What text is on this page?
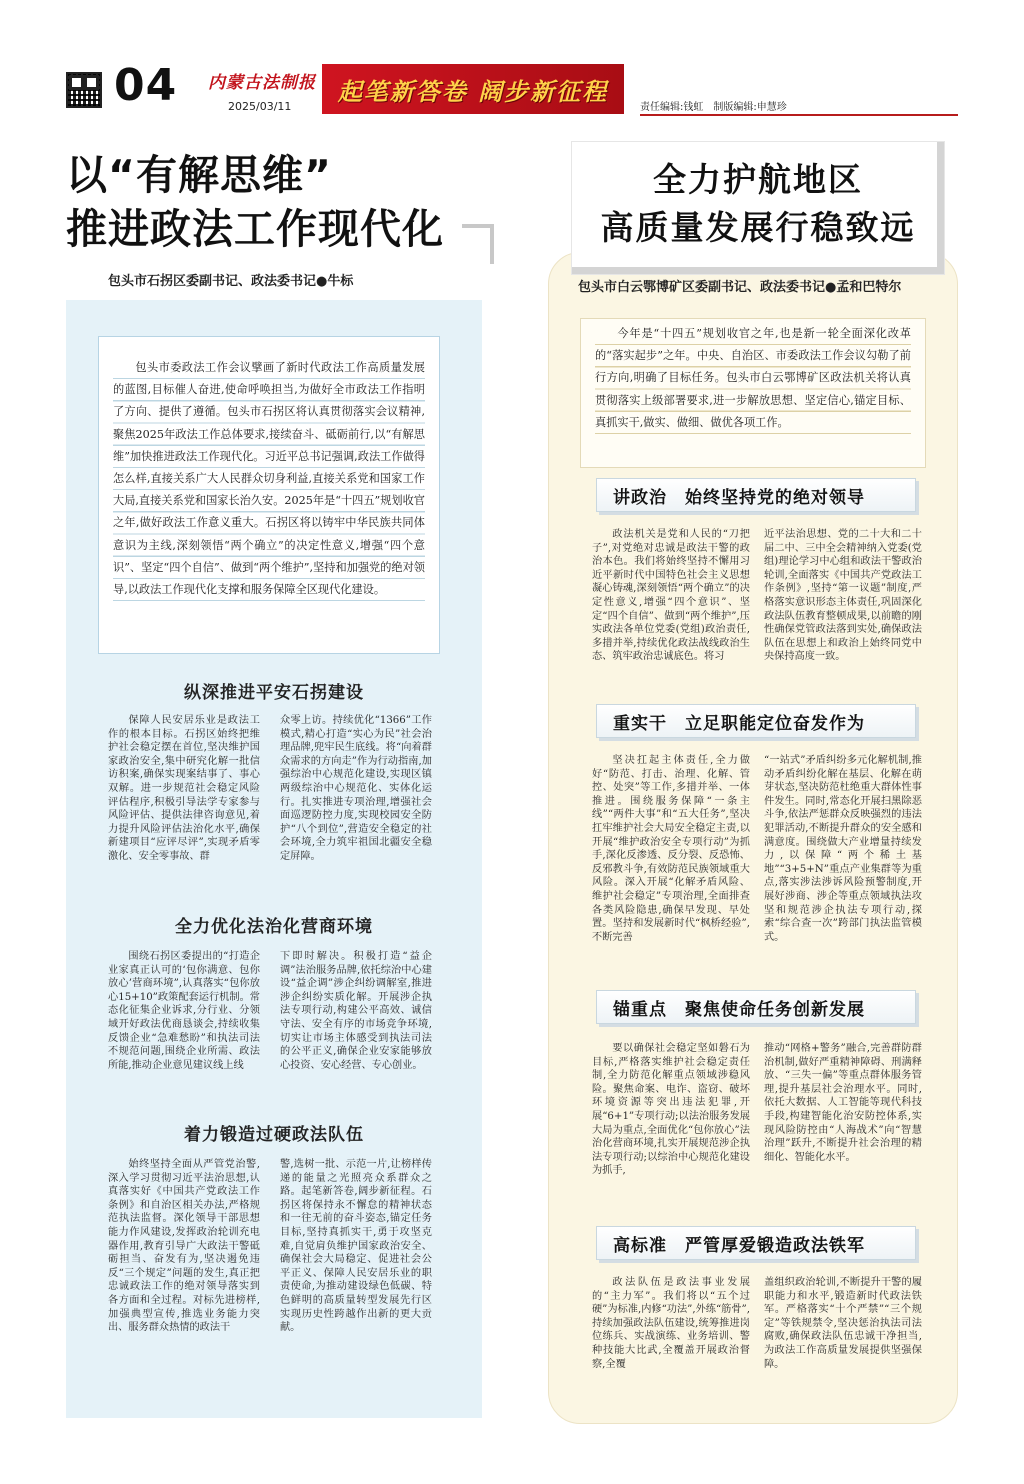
04 内蒙古法制报
2025/03/11
起笔新答卷 阔步新征程
责任编辑:钱虹　制版编辑:申慧珍
以“有解思维”
推进政法工作现代化
包头市石拐区委副书记、政法委书记●牛标

包头市委政法工作会议擘画了新时代政法工作高质量发展的蓝图,目标催人奋进,使命呼唤担当,为做好全市政法工作指明了方向、提供了遵循。包头市石拐区将认真贯彻落实会议精神,聚焦2025年政法工作总体要求,接续奋斗、砥砺前行,以“有解思维”加快推进政法工作现代化。习近平总书记强调,政法工作做得怎么样,直接关系广大人民群众切身利益,直接关系党和国家工作大局,直接关系党和国家长治久安。2025年是“十四五”规划收官之年,做好政法工作意义重大。石拐区将以铸牢中华民族共同体意识为主线,深刻领悟“两个确立”的决定性意义,增强“四个意识”、坚定“四个自信”、做到“两个维护”,坚持和加强党的绝对领导,以政法工作现代化支撑和服务保障全区现代化建设。

纵深推进平安石拐建设

保障人民安居乐业是政法工作的根本目标。石拐区始终把维护社会稳定摆在首位,坚决维护国家政治安全,集中研究化解一批信访积案,确保实现案结事了、事心双解。进一步规范社会稳定风险评估程序,积极引导法学专家参与风险评估、提供法律咨询意见,着力提升风险评估法治化水平,确保新建项目“应评尽评”,实现矛盾零激化、安全零事故、群

众零上访。持续优化“1366”工作模式,精心打造“实心为民”社会治理品牌,兜牢民生底线。将“向着群众需求的方向走”作为行动指南,加强综治中心规范化建设,实现区镇两级综治中心规范化、实体化运行。扎实推进专项治理,增强社会面巡逻防控力度,实现校园安全防护“八个到位”,营造安全稳定的社会环境,全力筑牢祖国北疆安全稳定屏障。

全力优化法治化营商环境

围绕石拐区委提出的“打造企业家真正认可的‘包你满意、包你放心’营商环境”,认真落实“包你放心15+10”政策配套运行机制。常态化征集企业诉求,分行业、分领域开好政法优商恳谈会,持续收集反馈企业“急难愁盼”和执法司法不规范问题,围绕企业所需、政法所能,推动企业意见建议线上线

下即时解决。积极打造“益企调”法治服务品牌,依托综治中心建设“益企调”涉企纠纷调解室,推进涉企纠纷实质化解。开展涉企执法专项行动,构建公平高效、诚信守法、安全有序的市场竞争环境,切实让市场主体感受到执法司法的公平正义,确保企业安家能够放心投资、安心经营、专心创业。

着力锻造过硬政法队伍

始终坚持全面从严管党治警,深入学习贯彻习近平法治思想,认真落实好《中国共产党政法工作条例》和自治区相关办法,严格规范执法监督。深化领导干部思想能力作风建设,发挥政治轮训充电器作用,教育引导广大政法干警砥砺担当、奋发有为,坚决遏免违反“三个规定”问题的发生,真正把忠诚政法工作的绝对领导落实到各方面和全过程。对标先进榜样,加强典型宣传,推选业务能力突出、服务群众热情的政法干

警,选树一批、示范一片,让榜样传递的能量之光照亮众系群众之路。起笔新答卷,阔步新征程。石拐区将保持永不懈怠的精神状态和一往无前的奋斗姿态,锚定任务目标,坚持真抓实干,勇于攻坚克难,自觉肩负维护国家政治安全、确保社会大局稳定、促进社会公平正义、保障人民安居乐业的职责使命,为推动建设绿色低碳、特色鲜明的高质量转型发展先行区实现历史性跨越作出新的更大贡献。

全力护航地区
高质量发展行稳致远
包头市白云鄂博矿区委副书记、政法委书记●孟和巴特尔

今年是“十四五”规划收官之年,也是新一轮全面深化改革的“落实起步”之年。中央、自治区、市委政法工作会议勾勒了前行方向,明确了目标任务。包头市白云鄂博矿区政法机关将认真贯彻落实上级部署要求,进一步解放思想、坚定信心,锚定目标、真抓实干,做实、做细、做优各项工作。

讲政治　始终坚持党的绝对领导

政法机关是党和人民的“刀把子”,对党绝对忠诚是政法干警的政治本色。我们将始终坚持不懈用习近平新时代中国特色社会主义思想凝心铸魂,深刻领悟“两个确立”的决定性意义,增强“四个意识”、坚定“四个自信”、做到“两个维护”,压实政法各单位党委(党组)政治责任,多措并举,持续优化政法战线政治生态、筑牢政治忠诚底色。将习

近平法治思想、党的二十大和二十届二中、三中全会精神纳入党委(党组)理论学习中心组和政法干警政治轮训,全面落实《中国共产党政法工作条例》,坚持“第一议题”制度,严格落实意识形态主体责任,巩固深化政法队伍教育整顿成果,以前瞻的刚性确保党管政法落到实处,确保政法队伍在思想上和政治上始终同党中央保持高度一致。

重实干　立足职能定位奋发作为

坚决扛起主体责任,全力做好“防范、打击、治理、化解、管控、处突”等工作,多措并举、一体推进。围绕服务保障“一条主线”“两件大事”和“五大任务”,坚决扛牢维护社会大局安全稳定主责,以开展“维护政治安全专项行动”为抓手,深化反渗透、反分裂、反恐怖、反邪教斗争,有效防范民族领域重大风险。深入开展“化解矛盾风险、维护社会稳定”专项治理,全面排查各类风险隐患,确保早发现、早处置。坚持和发展新时代“枫桥经验”,不断完善

“一站式”矛盾纠纷多元化解机制,推动矛盾纠纷化解在基层、化解在萌芽状态,坚决防范杜绝重大群体性事件发生。同时,常态化开展扫黑除恶斗争,依法严惩群众反映强烈的违法犯罪活动,不断提升群众的安全感和满意度。围绕做大产业增量持续发力,以保障“两个稀土基地”“3+5+N”重点产业集群等为重点,落实涉法涉诉风险预警制度,开展好涉商、涉企等重点领域执法攻坚和规范涉企执法专项行动,探索“综合查一次”跨部门执法监管模式。

锚重点　聚焦使命任务创新发展

要以确保社会稳定坚如磐石为目标,严格落实维护社会稳定责任制,全力防范化解重点领域涉稳风险。聚焦命案、电诈、盗窃、破坏环境资源等突出违法犯罪,开展“6+1”专项行动;以法治服务发展大局为重点,全面优化“包你放心”法治化营商环境,扎实开展规范涉企执法专项行动;以综治中心规范化建设为抓手,

推动“网格+警务”融合,完善群防群治机制,做好严重精神障碍、刑满释放、“三失一偏”等重点群体服务管理,提升基层社会治理水平。同时,依托大数据、人工智能等现代科技手段,构建智能化治安防控体系,实现风险防控由“人海战术”向“智慧治理”跃升,不断提升社会治理的精细化、智能化水平。

高标准　严管厚爱锻造政法铁军

政法队伍是政法事业发展的“主力军”。我们将以“五个过硬”为标准,内修“功法”,外练“筋骨”,持续加强政法队伍建设,统筹推进岗位练兵、实战演练、业务培训、警种技能大比武,全覆盖开展政治督察,全覆

盖组织政治轮训,不断提升干警的履职能力和水平,锻造新时代政法铁军。严格落实“十个严禁”“三个规定”等铁规禁令,坚决惩治执法司法腐败,确保政法队伍忠诚干净担当,为政法工作高质量发展提供坚强保障。
